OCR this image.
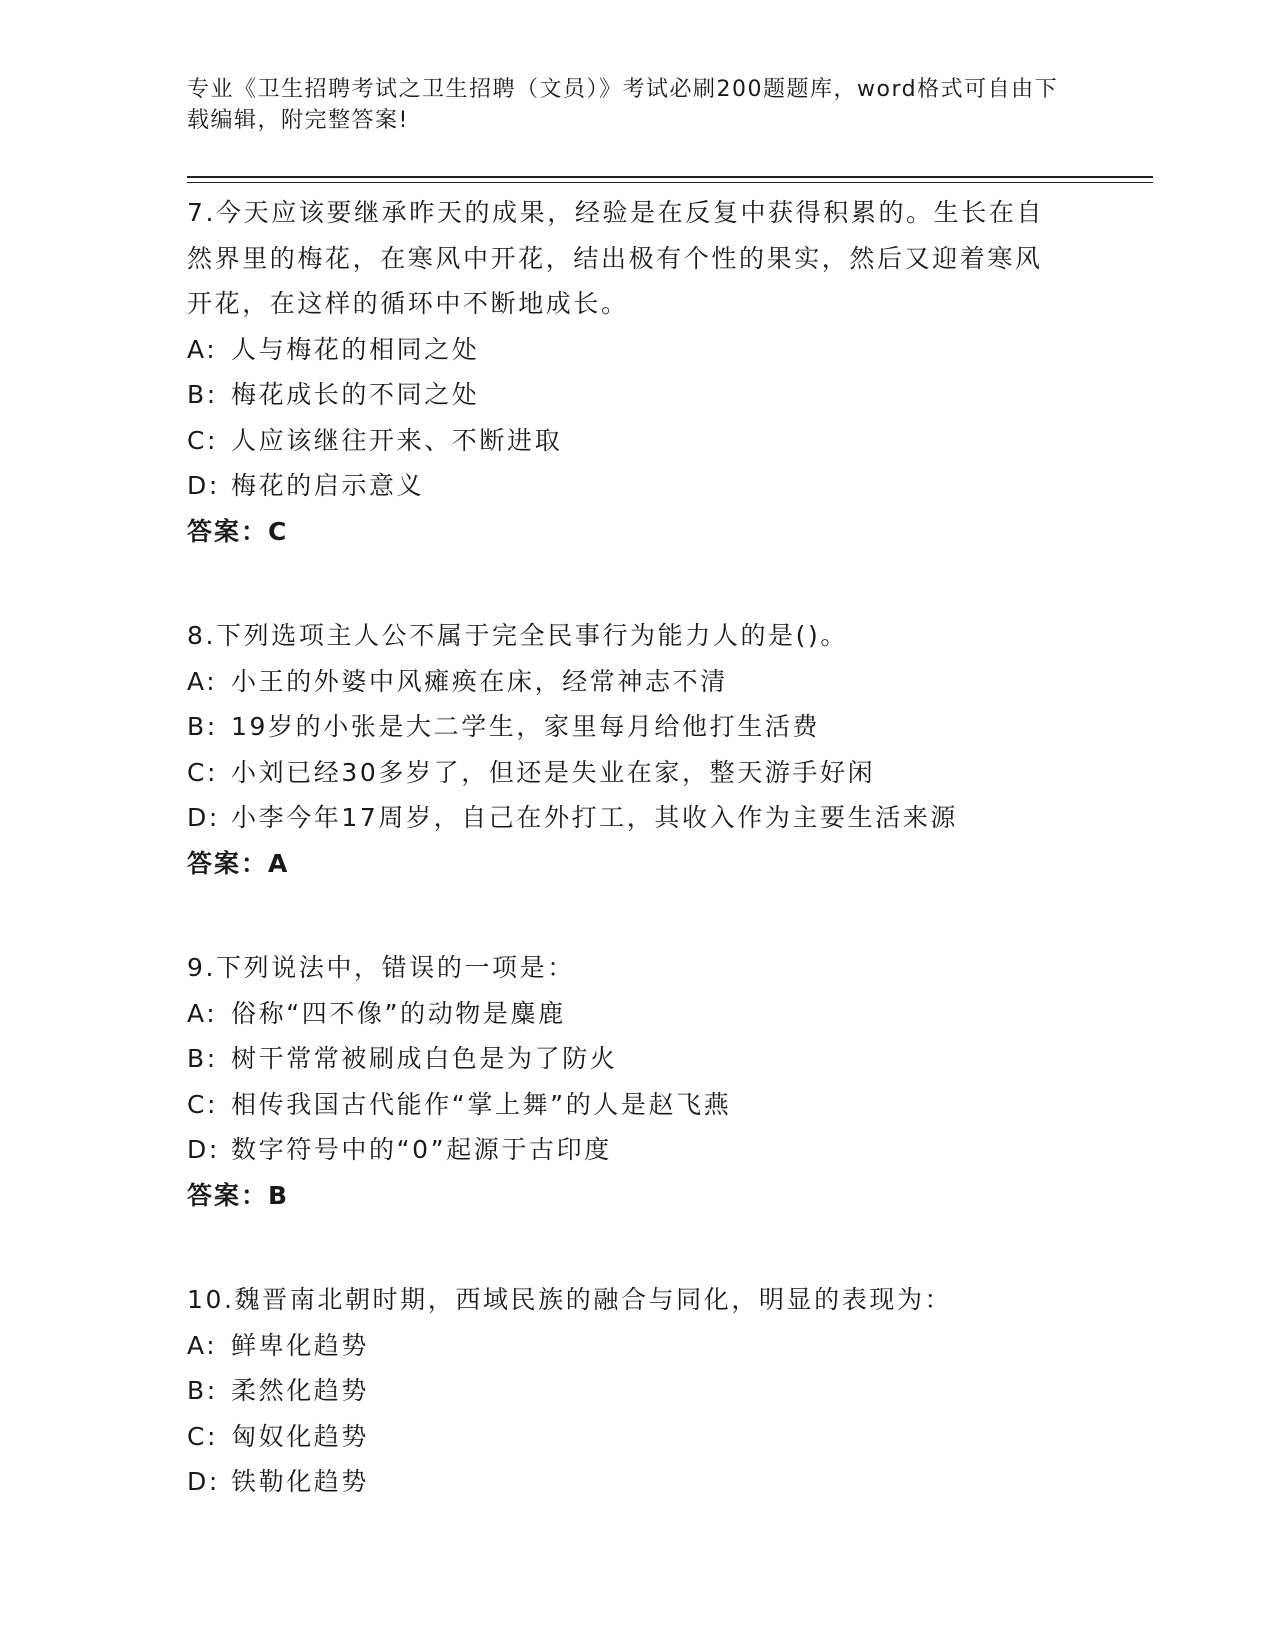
专业《卫生招聘考试之卫生招聘（文员）》考试必刷200题题库，word格式可自由下载编辑，附完整答案!

7.今天应该要继承昨天的成果，经验是在反复中获得积累的。生长在自然界里的梅花，在寒风中开花，结出极有个性的果实，然后又迎着寒风开花，在这样的循环中不断地成长。

A: 人与梅花的相同之处
B: 梅花成长的不同之处
C: 人应该继往开来、不断进取
D: 梅花的启示意义

答案：C

8.下列选项主人公不属于完全民事行为能力人的是()。

A: 小王的外婆中风瘫痪在床，经常神志不清
B: 19岁的小张是大二学生，家里每月给他打生活费
C: 小刘已经30多岁了，但还是失业在家，整天游手好闲
D: 小李今年17周岁，自己在外打工，其收入作为主要生活来源

答案：A

9.下列说法中，错误的一项是：

A: 俗称“四不像”的动物是麋鹿
B: 树干常常被刷成白色是为了防火
C: 相传我国古代能作“掌上舞”的人是赵飞燕
D: 数字符号中的“0”起源于古印度

答案：B

10.魏晋南北朝时期，西域民族的融合与同化，明显的表现为：

A: 鲜卑化趋势
B: 柔然化趋势
C: 匈奴化趋势
D: 铁勒化趋势
